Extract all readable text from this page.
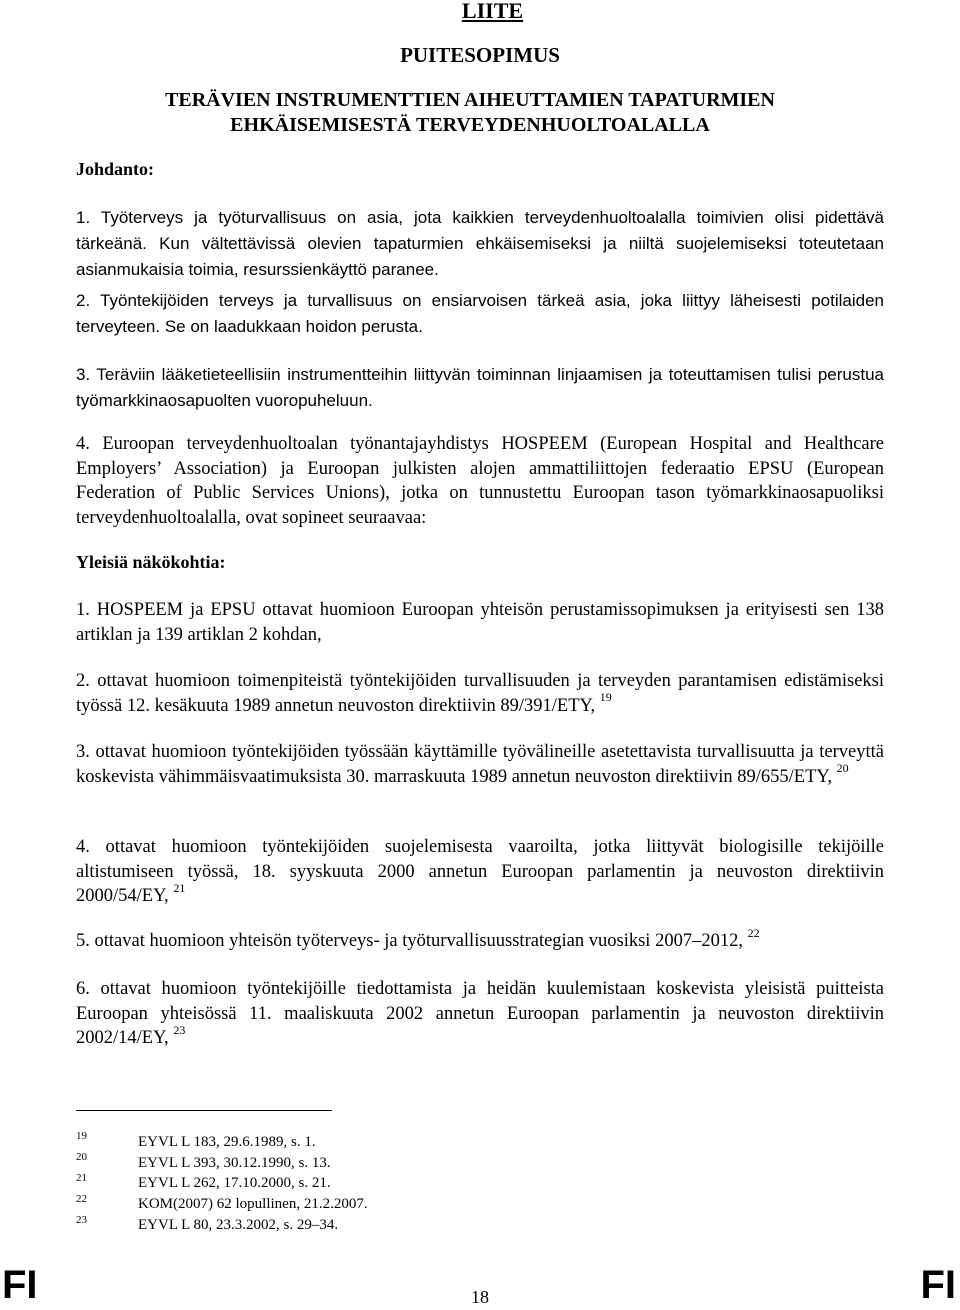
LIITE
PUITESOPIMUS
TERÄVIEN INSTRUMENTTIEN AIHEUTTAMIEN TAPATURMIEN
EHKÄISEMISESTÄ TERVEYDENHUOLTOALALLA
Johdanto:
1. Työterveys ja työturvallisuus on asia, jota kaikkien terveydenhuoltoalalla toimivien olisi pidettävä tärkeänä. Kun vältettävissä olevien tapaturmien ehkäisemiseksi ja niiltä suojelemiseksi toteutetaan asianmukaisia toimia, resurssienkäyttö paranee.
2. Työntekijöiden terveys ja turvallisuus on ensiarvoisen tärkeä asia, joka liittyy läheisesti potilaiden terveyteen. Se on laadukkaan hoidon perusta.
3. Teräviin lääketieteellisiin instrumentteihin liittyvän toiminnan linjaamisen ja toteuttamisen tulisi perustua työmarkkinaosapuolten vuoropuheluun.
4. Euroopan terveydenhuoltoalan työnantajayhdistys HOSPEEM (European Hospital and Healthcare Employers’ Association) ja Euroopan julkisten alojen ammattiliittojen federaatio EPSU (European Federation of Public Services Unions), jotka on tunnustettu Euroopan tason työmarkkinaosapuoliksi terveydenhuoltoalalla, ovat sopineet seuraavaa:
Yleisiä näkökohtia:
1. HOSPEEM ja EPSU ottavat huomioon Euroopan yhteisön perustamissopimuksen ja erityisesti sen 138 artiklan ja 139 artiklan 2 kohdan,
2. ottavat huomioon toimenpiteistä työntekijöiden turvallisuuden ja terveyden parantamisen edistämiseksi työssä 12. kesäkuuta 1989 annetun neuvoston direktiivin 89/391/ETY, $^{19}$
3. ottavat huomioon työntekijöiden työssään käyttämille työvälineille asetettavista turvallisuutta ja terveyttä koskevista vähimmäisvaatimuksista 30. marraskuuta 1989 annetun neuvoston direktiivin 89/655/ETY, $^{20}$
4. ottavat huomioon työntekijöiden suojelemisesta vaaroilta, jotka liittyvät biologisille tekijöille altistumiseen työssä, 18. syyskuuta 2000 annetun Euroopan parlamentin ja neuvoston direktiivin 2000/54/EY, $^{21}$
5. ottavat huomioon yhteisön työterveys- ja työturvallisuusstrategian vuosiksi 2007–2012, $^{22}$
6. ottavat huomioon työntekijöille tiedottamista ja heidän kuulemistaan koskevista yleisistä puitteista Euroopan yhteisössä 11. maaliskuuta 2002 annetun Euroopan parlamentin ja neuvoston direktiivin 2002/14/EY, $^{23}$
19	EYVL L 183, 29.6.1989, s. 1.
20	EYVL L 393, 30.12.1990, s. 13.
21	EYVL L 262, 17.10.2000, s. 21.
22	KOM(2007) 62 lopullinen, 21.2.2007.
23	EYVL L 80, 23.3.2002, s. 29–34.
FI	18	FI
